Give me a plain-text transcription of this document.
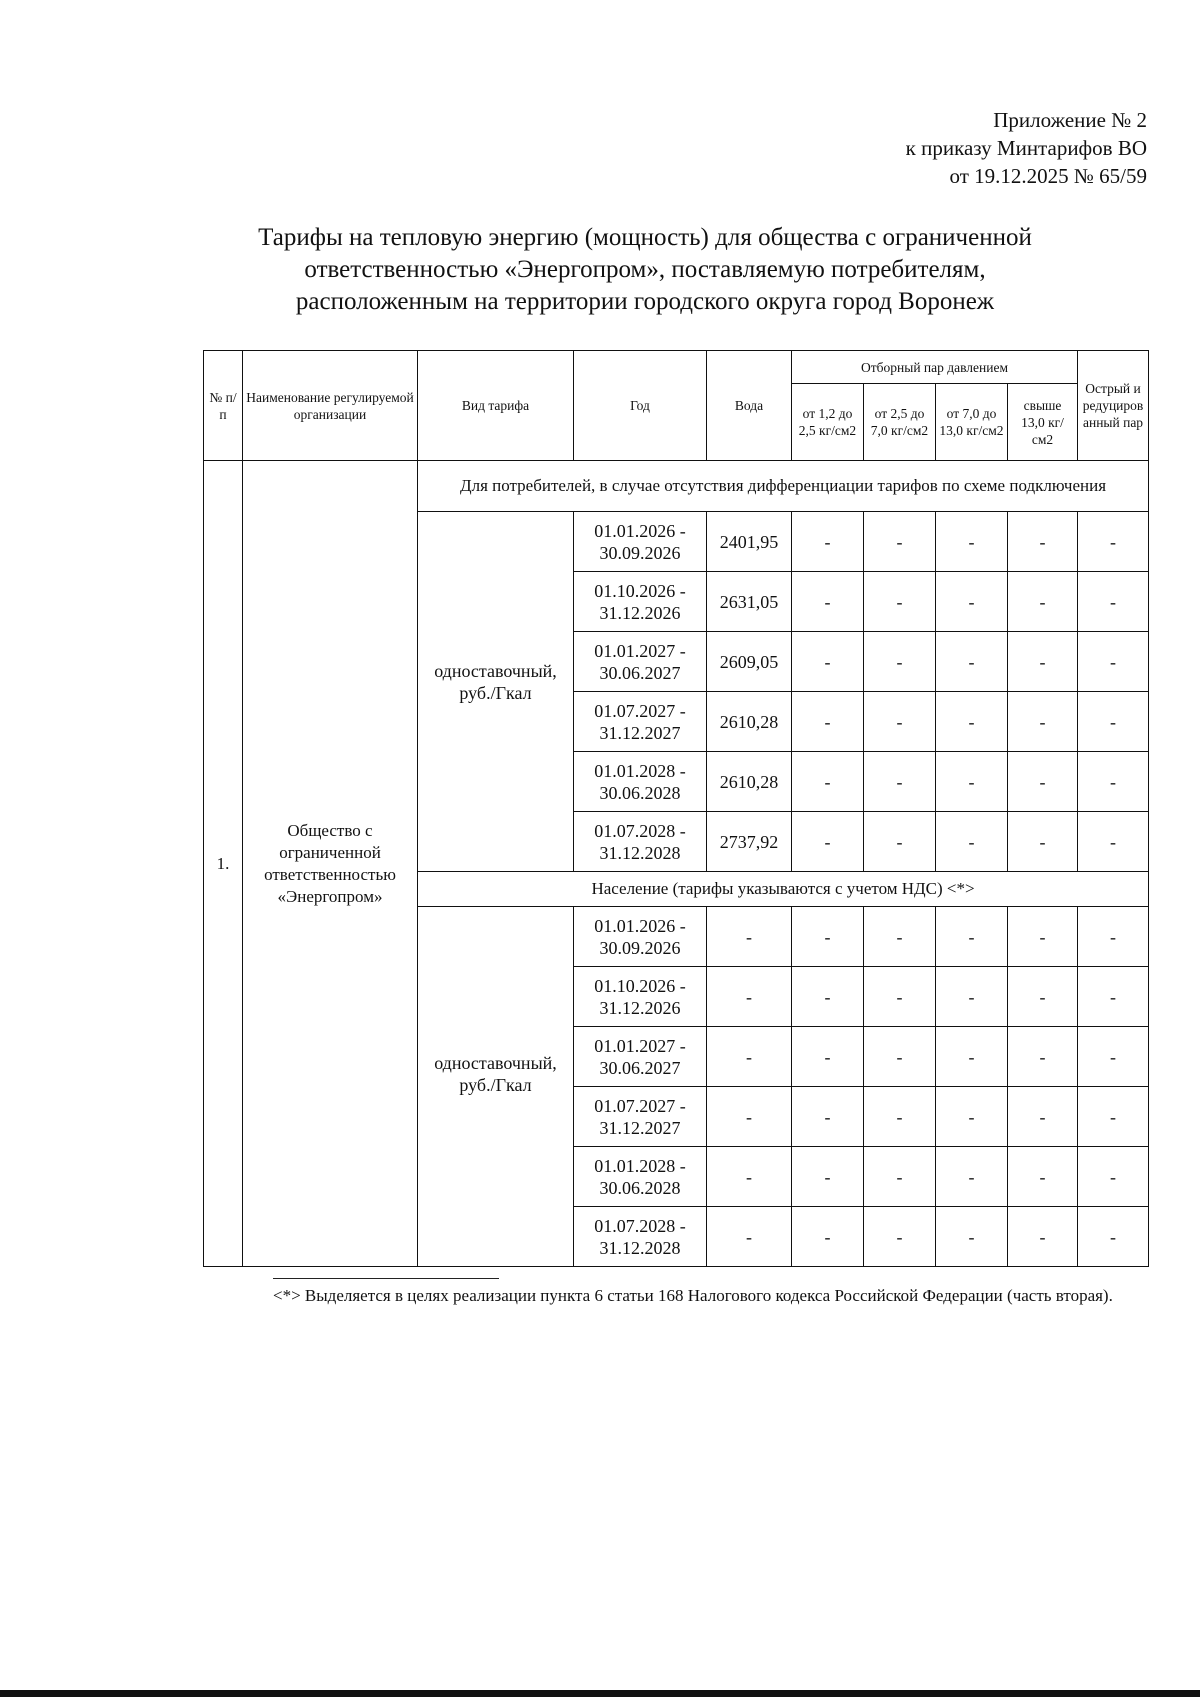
Приложение № 2
к приказу Минтарифов ВО
от 19.12.2025 № 65/59
Тарифы на тепловую энергию (мощность) для общества с ограниченной
ответственностью «Энергопром», поставляемую потребителям,
расположенным на территории городского округа город Воронеж
№ п/п	Наименование регулируемой организации	Вид тарифа	Год	Вода	Отборный пар давлением				Острый и редуцированный пар
					от 1,2 до 2,5 кг/см2	от 2,5 до 7,0 кг/см2	от 7,0 до 13,0 кг/см2	свыше 13,0 кг/см2	
1.	Общество с ограниченной ответственностью «Энергопром»	Для потребителей, в случае отсутствия дифференциации тарифов по схеме подключения							
		одноставочный, руб./Гкал	01.01.2026 - 30.09.2026	2401,95	-	-	-	-	-
			01.10.2026 - 31.12.2026	2631,05	-	-	-	-	-
			01.01.2027 - 30.06.2027	2609,05	-	-	-	-	-
			01.07.2027 - 31.12.2027	2610,28	-	-	-	-	-
			01.01.2028 - 30.06.2028	2610,28	-	-	-	-	-
			01.07.2028 - 31.12.2028	2737,92	-	-	-	-	-
		Население (тарифы указываются с учетом НДС) <*>							
		одноставочный, руб./Гкал	01.01.2026 - 30.09.2026	-	-	-	-	-	-
			01.10.2026 - 31.12.2026	-	-	-	-	-	-
			01.01.2027 - 30.06.2027	-	-	-	-	-	-
			01.07.2027 - 31.12.2027	-	-	-	-	-	-
			01.01.2028 - 30.06.2028	-	-	-	-	-	-
			01.07.2028 - 31.12.2028	-	-	-	-	-	-
<*> Выделяется в целях реализации пункта 6 статьи 168 Налогового кодекса Российской Федерации (часть вторая).
